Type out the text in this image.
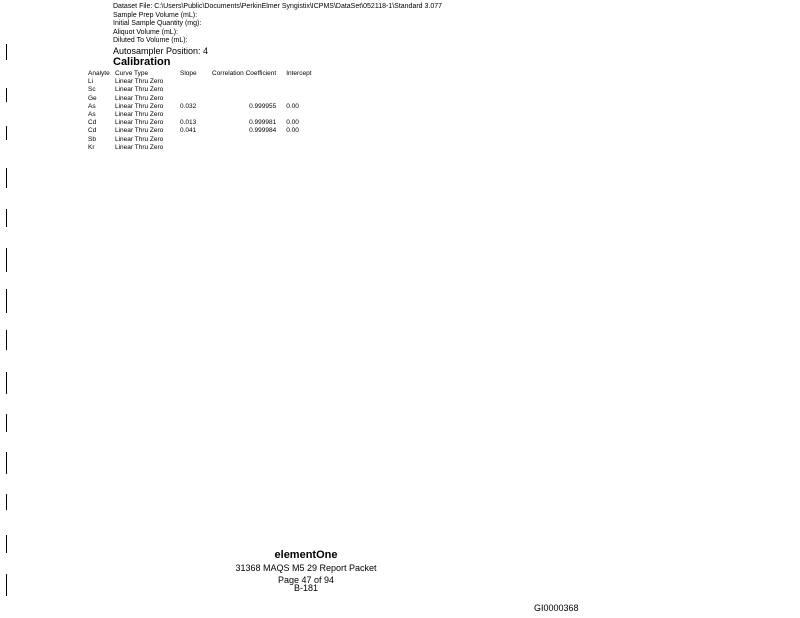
Dataset File: C:\Users\Public\Documents\PerkinElmer Syngistix\ICPMS\DataSet\052118-1\Standard 3.077
Sample Prep Volume (mL):
Initial Sample Quantity (mg):
Aliquot Volume (mL):
Diluted To Volume (mL):
Autosampler Position: 4
Calibration
Analyte	Curve Type	Slope	Correlation Coefficient	Intercept
Li	Linear Thru Zero			
Sc	Linear Thru Zero			
Ge	Linear Thru Zero			
As	Linear Thru Zero	0.032	0.999955	0.00
As	Linear Thru Zero			
Cd	Linear Thru Zero	0.013	0.999981	0.00
Cd	Linear Thru Zero	0.041	0.999984	0.00
Sb	Linear Thru Zero			
Kr	Linear Thru Zero			
elementOne
31368 MAQS M5 29 Report Packet
Page 47 of 94
B-181
GI0000368
